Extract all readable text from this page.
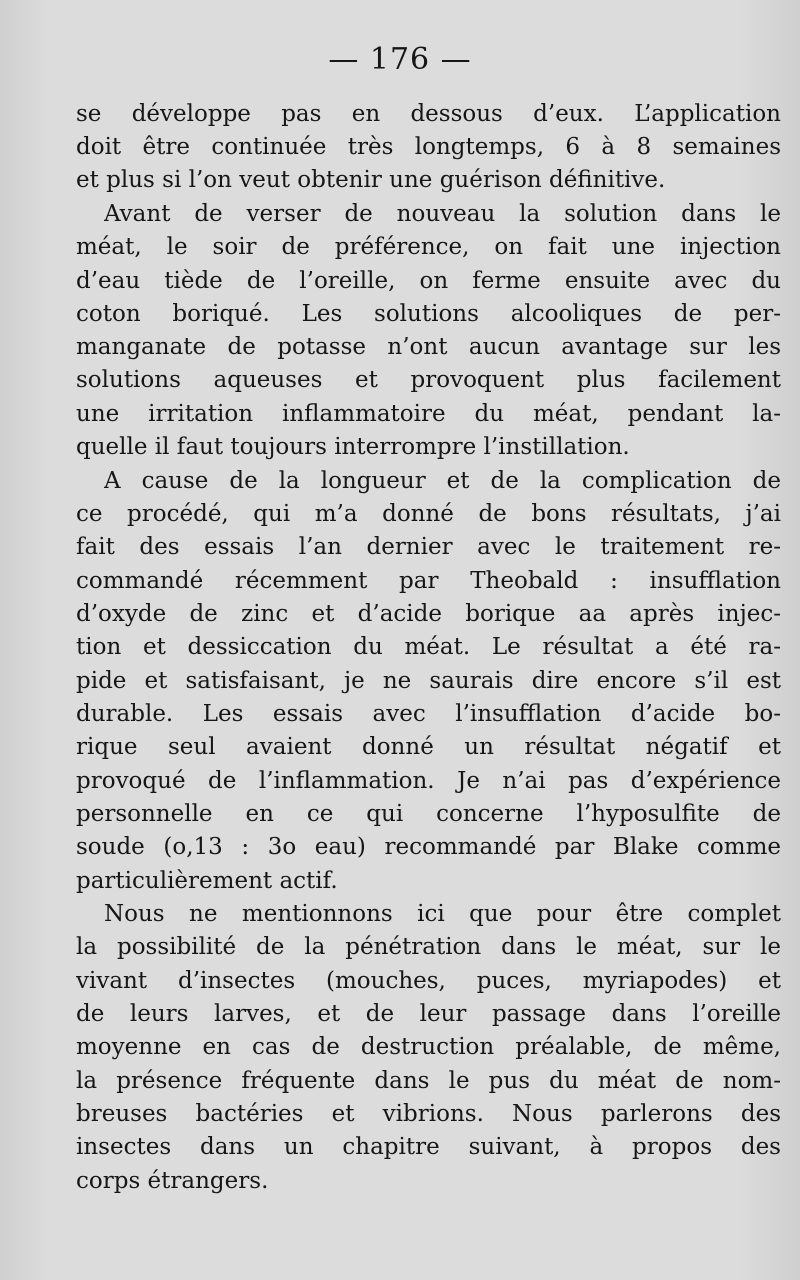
— 176 —
se développe pas en dessous d’eux. L’application
doit être continuée très longtemps, 6 à 8 semaines
et plus si l’on veut obtenir une guérison définitive.
Avant de verser de nouveau la solution dans le
méat, le soir de préférence, on fait une injection
d’eau tiède de l’oreille, on ferme ensuite avec du
coton boriqué. Les solutions alcooliques de per-
manganate de potasse n’ont aucun avantage sur les
solutions aqueuses et provoquent plus facilement
une irritation inflammatoire du méat, pendant la-
quelle il faut toujours interrompre l’instillation.
A cause de la longueur et de la complication de
ce procédé, qui m’a donné de bons résultats, j’ai
fait des essais l’an dernier avec le traitement re-
commandé récemment par Theobald : insufflation
d’oxyde de zinc et d’acide borique aa après injec-
tion et dessiccation du méat. Le résultat a été ra-
pide et satisfaisant, je ne saurais dire encore s’il est
durable. Les essais avec l’insufflation d’acide bo-
rique seul avaient donné un résultat négatif et
provoqué de l’inflammation. Je n’ai pas d’expérience
personnelle en ce qui concerne l’hyposulfite de
soude (o,13 : 3o eau) recommandé par Blake comme
particulièrement actif.
Nous ne mentionnons ici que pour être complet
la possibilité de la pénétration dans le méat, sur le
vivant d’insectes (mouches, puces, myriapodes) et
de leurs larves, et de leur passage dans l’oreille
moyenne en cas de destruction préalable, de même,
la présence fréquente dans le pus du méat de nom-
breuses bactéries et vibrions. Nous parlerons des
insectes dans un chapitre suivant, à propos des
corps étrangers.
